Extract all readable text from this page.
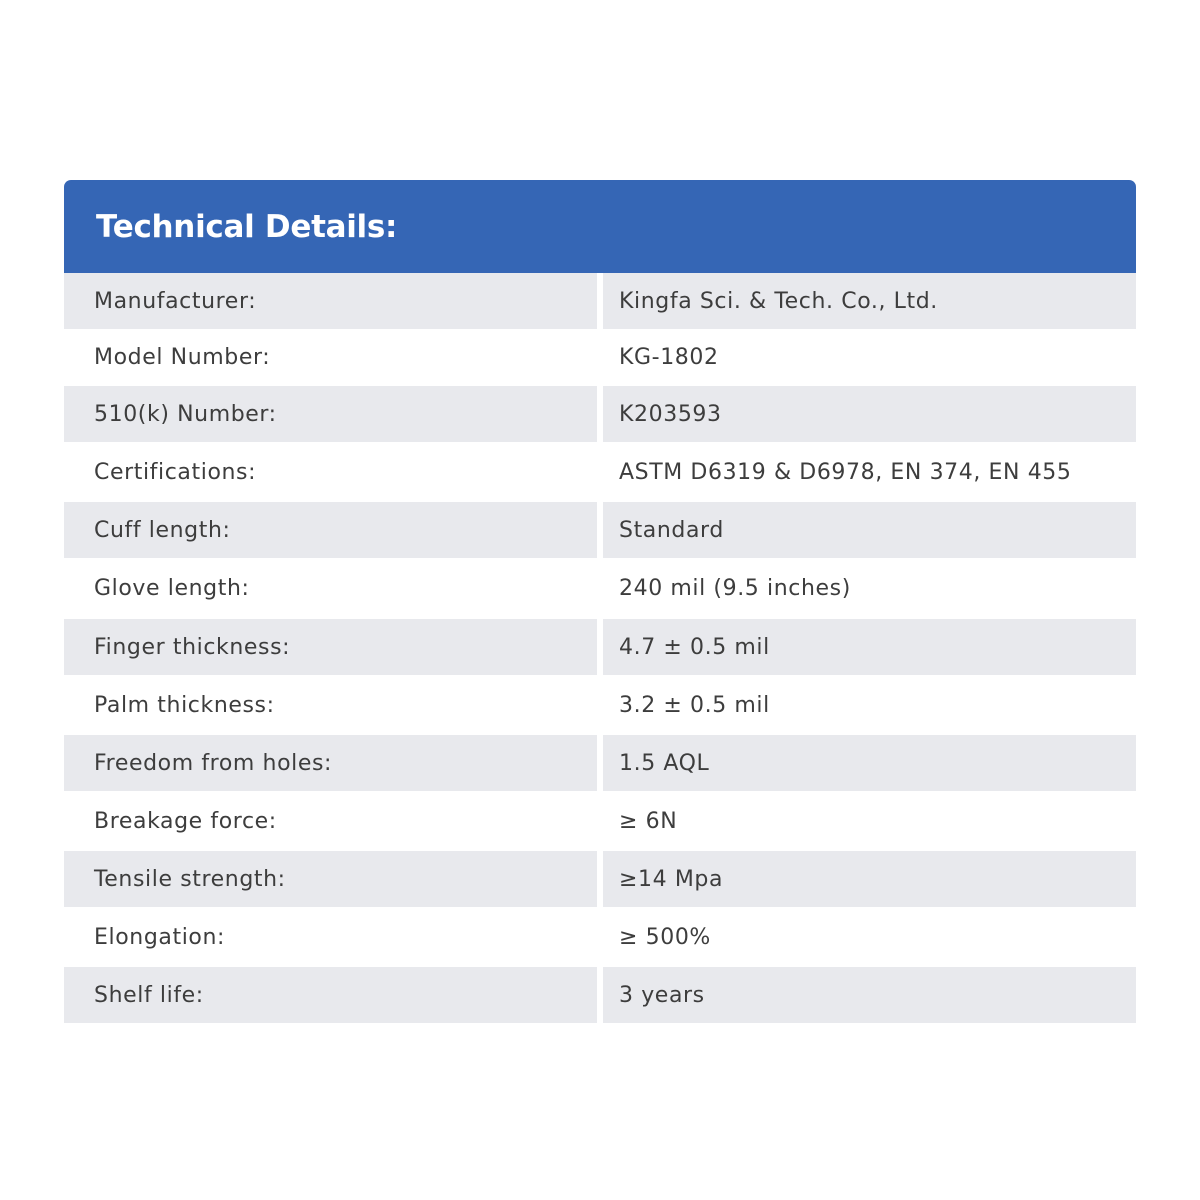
Technical Details:
Manufacturer:	Kingfa Sci. & Tech. Co., Ltd.
Model Number:	KG-1802
510(k) Number:	K203593
Certifications:	ASTM D6319 & D6978, EN 374, EN 455
Cuff length:	Standard
Glove length:	240 mil (9.5 inches)
Finger thickness:	4.7 ± 0.5 mil
Palm thickness:	3.2 ± 0.5 mil
Freedom from holes:	1.5 AQL
Breakage force:	≥ 6N
Tensile strength:	≥14 Mpa
Elongation:	≥ 500%
Shelf life:	3 years
